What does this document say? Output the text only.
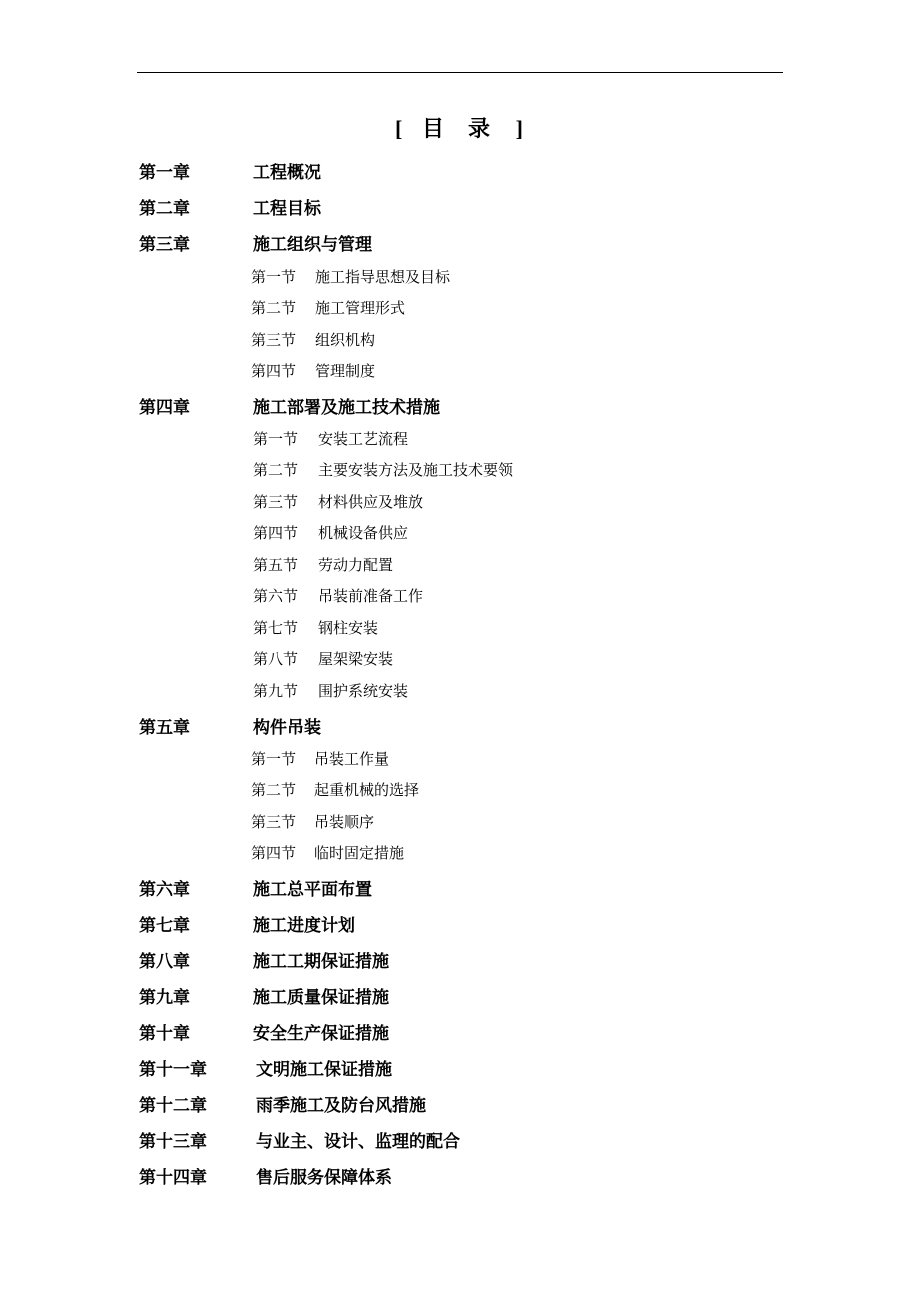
[ 目录 ]
第一章	工程概况
第二章	工程目标
第三章	施工组织与管理
第一节 施工指导思想及目标
第二节 施工管理形式
第三节 组织机构
第四节 管理制度
第四章	施工部署及施工技术措施
第一节 安装工艺流程
第二节 主要安装方法及施工技术要领
第三节 材料供应及堆放
第四节 机械设备供应
第五节 劳动力配置
第六节 吊装前准备工作
第七节 钢柱安装
第八节 屋架梁安装
第九节 围护系统安装
第五章	构件吊装
第一节 吊装工作量
第二节 起重机械的选择
第三节 吊装顺序
第四节 临时固定措施
第六章	施工总平面布置
第七章	施工进度计划
第八章	施工工期保证措施
第九章	施工质量保证措施
第十章	安全生产保证措施
第十一章	文明施工保证措施
第十二章	雨季施工及防台风措施
第十三章	与业主、设计、监理的配合
第十四章	售后服务保障体系
